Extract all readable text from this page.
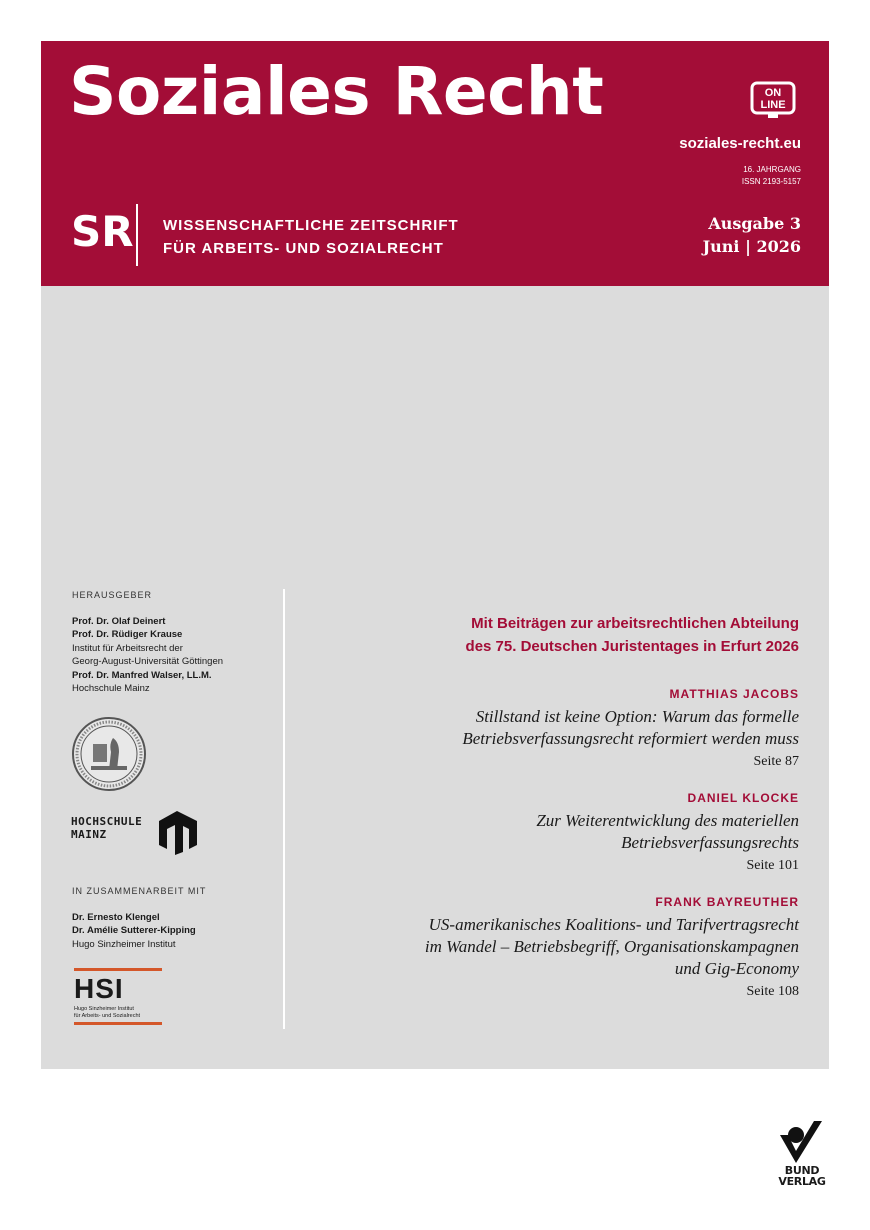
Soziales Recht	ON
LINE
soziales-recht.eu
16. JAHRGANG
ISSN 2193-5157
SR WISSENSCHAFTLICHE ZEITSCHRIFT
FÜR ARBEITS- UND SOZIALRECHT
Ausgabe 3
Juni | 2026
HERAUSGEBER
Prof. Dr. Olaf Deinert
Prof. Dr. Rüdiger Krause
Institut für Arbeitsrecht der
Georg-August-Universität Göttingen
Prof. Dr. Manfred Walser, LL.M.
Hochschule Mainz
HOCHSCHULE
MAINZ
IN ZUSAMMENARBEIT MIT
Dr. Ernesto Klengel
Dr. Amélie Sutterer-Kipping
Hugo Sinzheimer Institut
HSI
Hugo Sinzheimer Institut
für Arbeits- und Sozialrecht
Mit Beiträgen zur arbeitsrechtlichen Abteilung
des 75. Deutschen Juristentages in Erfurt 2026
MATTHIAS JACOBS
Stillstand ist keine Option: Warum das formelle
Betriebsverfassungsrecht reformiert werden muss
Seite 87
DANIEL KLOCKE
Zur Weiterentwicklung des materiellen
Betriebsverfassungsrechts
Seite 101
FRANK BAYREUTHER
US-amerikanisches Koalitions- und Tarifvertragsrecht
im Wandel – Betriebsbegriff, Organisationskampagnen
und Gig-Economy
Seite 108
BUND
VERLAG
